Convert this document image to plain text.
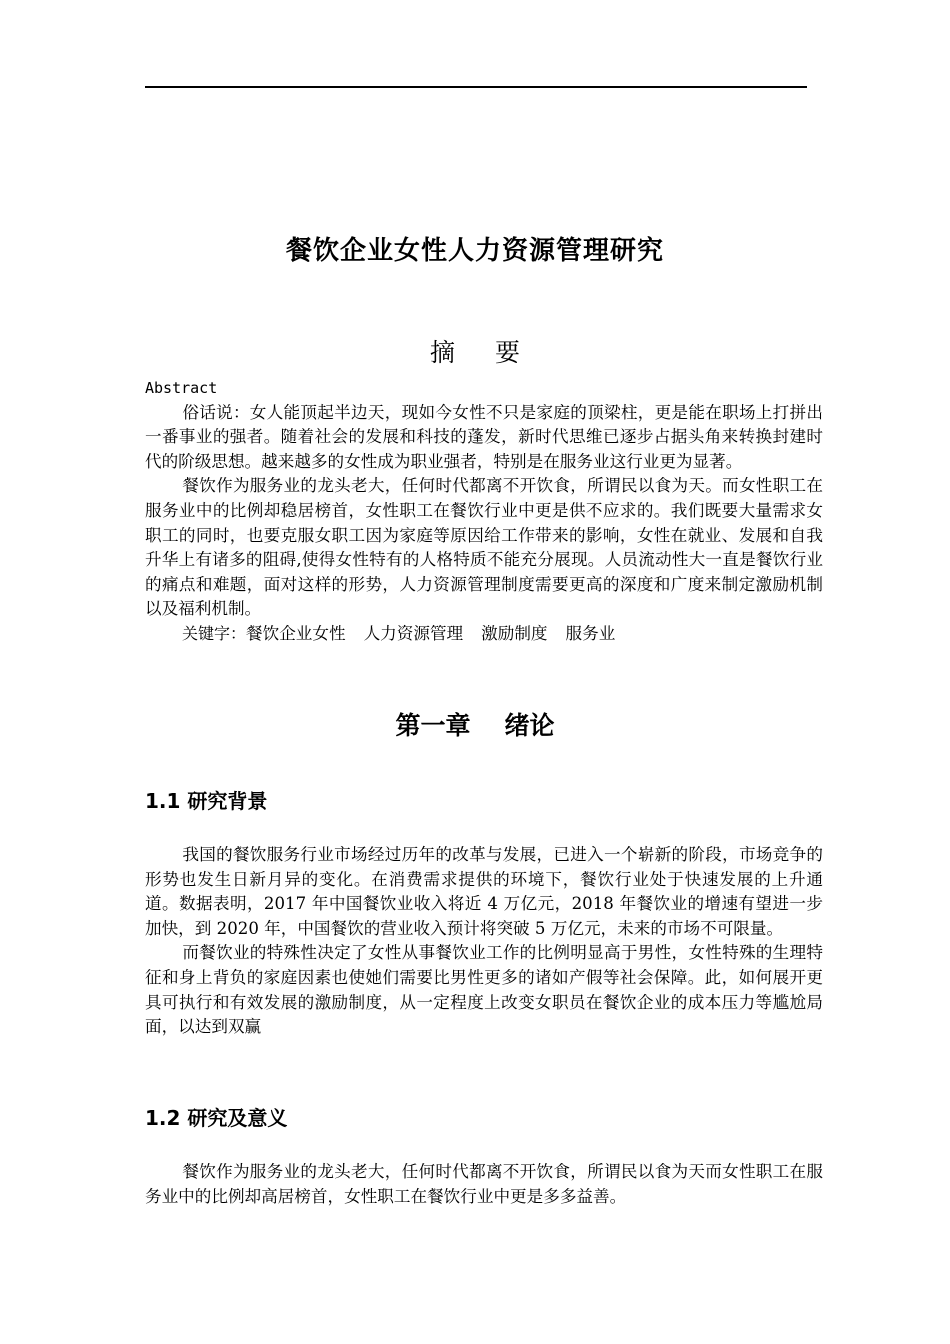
餐饮企业女性人力资源管理研究
摘 要

Abstract

俗话说：女人能顶起半边天，现如今女性不只是家庭的顶梁柱，更是能在职场上打拼出一番事业的强者。随着社会的发展和科技的蓬发，新时代思维已逐步占据头角来转换封建时代的阶级思想。越来越多的女性成为职业强者，特别是在服务业这行业更为显著。

餐饮作为服务业的龙头老大，任何时代都离不开饮食，所谓民以食为天。而女性职工在服务业中的比例却稳居榜首，女性职工在餐饮行业中更是供不应求的。我们既要大量需求女职工的同时，也要克服女职工因为家庭等原因给工作带来的影响，女性在就业、发展和自我升华上有诸多的阻碍,使得女性特有的人格特质不能充分展现。人员流动性大一直是餐饮行业的痛点和难题，面对这样的形势，人力资源管理制度需要更高的深度和广度来制定激励机制以及福利机制。

关键字：餐饮企业女性 人力资源管理 激励制度 服务业

第一章 绪论
1.1 研究背景

我国的餐饮服务行业市场经过历年的改革与发展，已进入一个崭新的阶段，市场竞争的形势也发生日新月异的变化。在消费需求提供的环境下，餐饮行业处于快速发展的上升通道。数据表明，2017 年中国餐饮业收入将近 4 万亿元，2018 年餐饮业的增速有望进一步加快，到 2020 年，中国餐饮的营业收入预计将突破 5 万亿元，未来的市场不可限量。

而餐饮业的特殊性决定了女性从事餐饮业工作的比例明显高于男性，女性特殊的生理特征和身上背负的家庭因素也使她们需要比男性更多的诸如产假等社会保障。此，如何展开更具可执行和有效发展的激励制度，从一定程度上改变女职员在餐饮企业的成本压力等尴尬局面，以达到双赢

1.2 研究及意义

餐饮作为服务业的龙头老大，任何时代都离不开饮食，所谓民以食为天而女性职工在服务业中的比例却高居榜首，女性职工在餐饮行业中更是多多益善。
